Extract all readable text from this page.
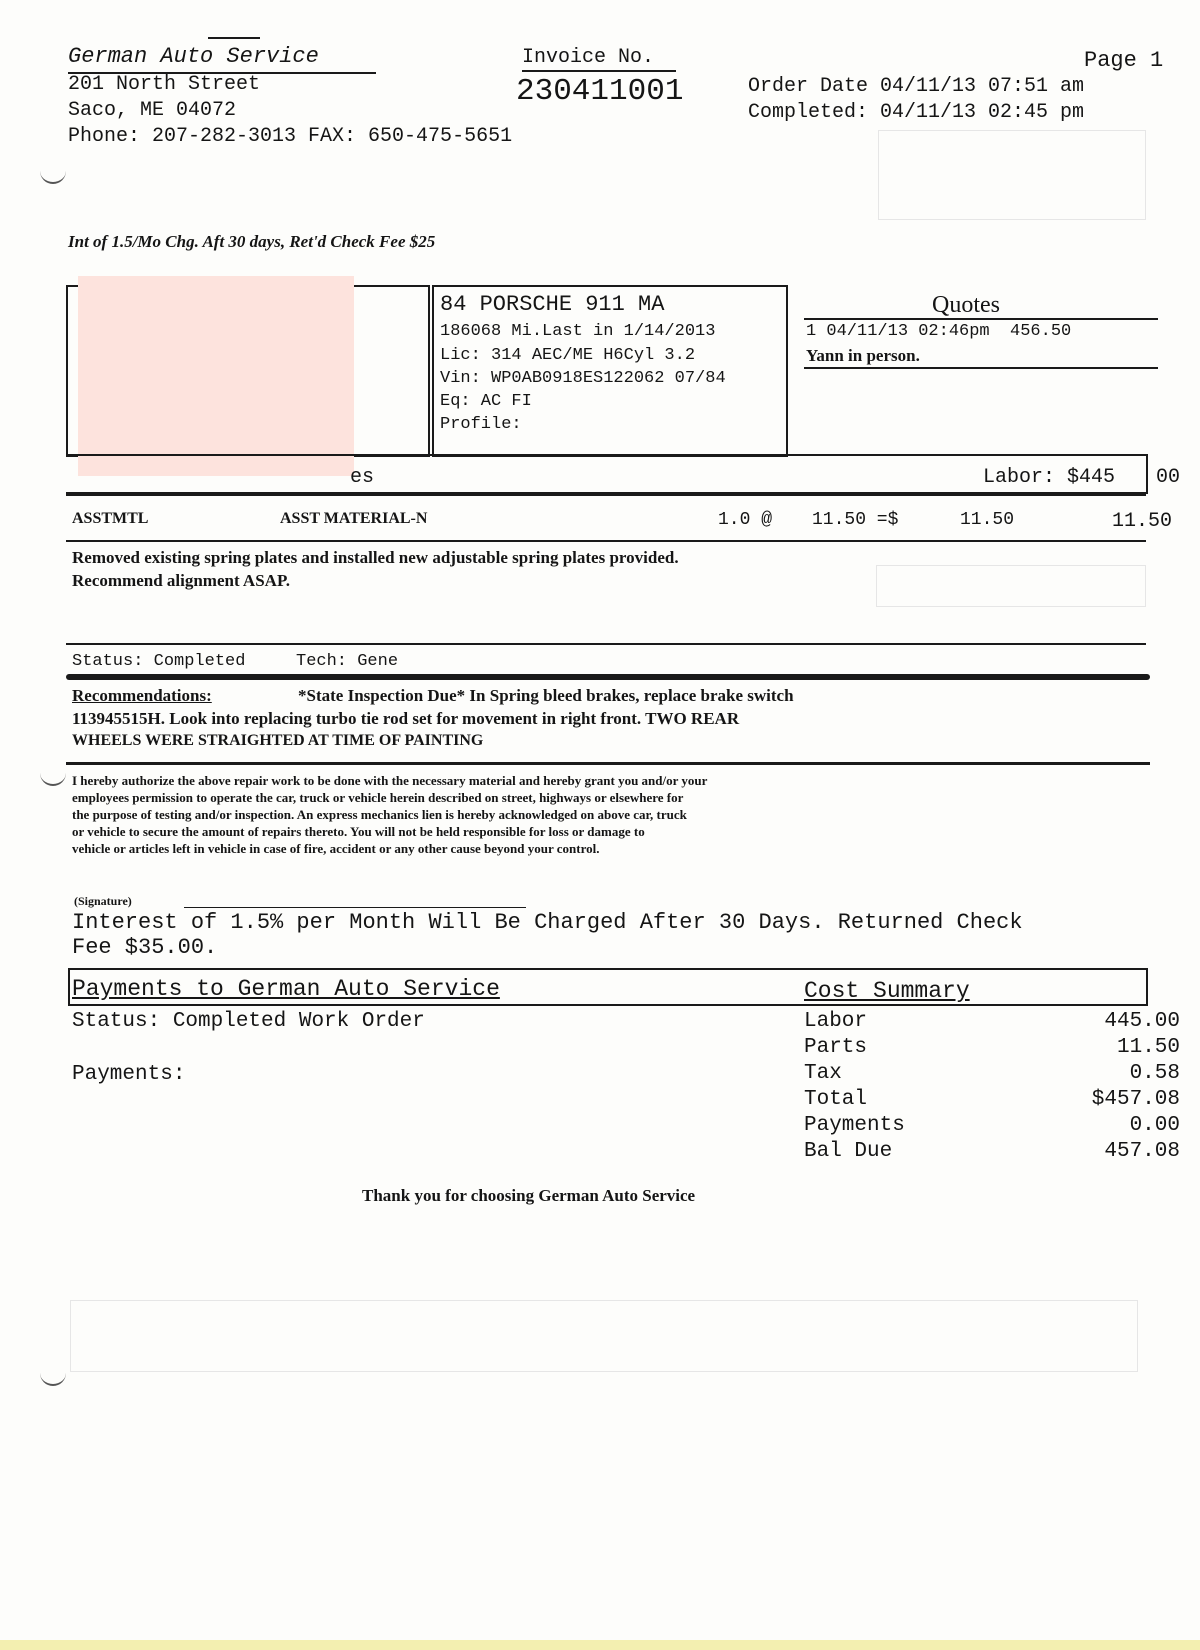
German Auto Service
201 North Street
Saco, ME 04072
Phone: 207-282-3013 FAX: 650-475-5651
Invoice No.
230411001
Page 1
Order Date 04/11/13 07:51 am
Completed: 04/11/13 02:45 pm
Int of 1.5/Mo Chg. Aft 30 days, Ret'd Check Fee $25
84 PORSCHE 911 MA
186068 Mi.Last in 1/14/2013
Lic: 314 AEC/ME H6Cyl 3.2
Vin: WP0AB0918ES122062 07/84
Eq: AC FI
Profile:
Quotes
1 04/11/13 02:46pm  456.50
Yann in person.
es	Labor: $445 00
ASSTMTL	ASST MATERIAL-N	1.0 @ 11.50 =$	11.50	11.50
Removed existing spring plates and installed new adjustable spring plates provided.
Recommend alignment ASAP.
Status: Completed	Tech: Gene
Recommendations:	*State Inspection Due* In Spring bleed brakes, replace brake switch
113945515H. Look into replacing turbo tie rod set for movement in right front. TWO REAR
WHEELS WERE STRAIGHTED AT TIME OF PAINTING
I hereby authorize the above repair work to be done with the necessary material and hereby grant you and/or your
employees permission to operate the car, truck or vehicle herein described on street, highways or elsewhere for
the purpose of testing and/or inspection. An express mechanics lien is hereby acknowledged on above car, truck
or vehicle to secure the amount of repairs thereto. You will not be held responsible for loss or damage to
vehicle or articles left in vehicle in case of fire, accident or any other cause beyond your control.
(Signature)
Interest of 1.5% per Month Will Be Charged After 30 Days. Returned Check
Fee $35.00.
Payments to German Auto Service	Cost Summary
Status: Completed Work Order
Payments:
Labor	445.00
Parts	11.50
Tax	0.58
Total	$457.08
Payments	0.00
Bal Due	457.08
Thank you for choosing German Auto Service
